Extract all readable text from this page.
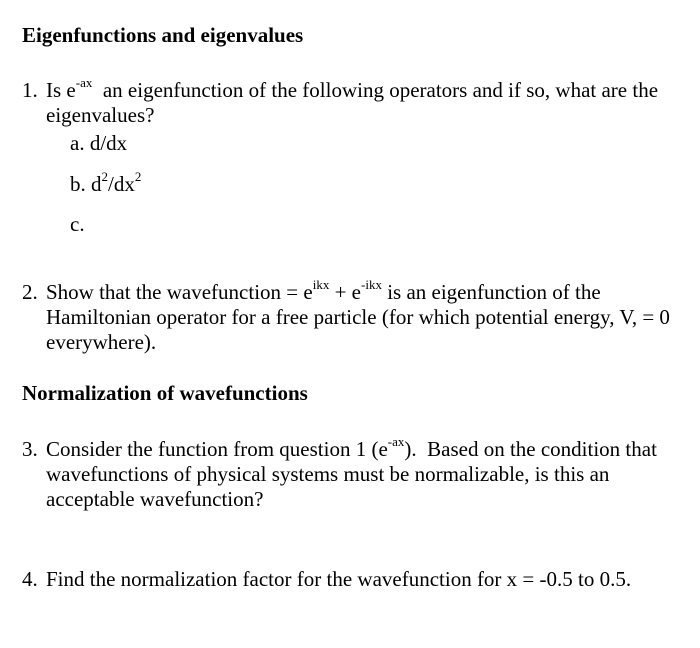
Eigenfunctions and eigenvalues
1. Is $e^{-ax}$  an eigenfunction of the following operators and if so, what are the eigenvalues?
a. d/dx
b. $d^2/dx^2$
c.
2. Show that the wavefunction = $e^{ikx} + e^{-ikx}$ is an eigenfunction of the Hamiltonian operator for a free particle (for which potential energy, V, = 0 everywhere).
Normalization of wavefunctions
3. Consider the function from question 1 $(e^{-ax})$.  Based on the condition that wavefunctions of physical systems must be normalizable, is this an acceptable wavefunction?
4. Find the normalization factor for the wavefunction for x = -0.5 to 0.5.
